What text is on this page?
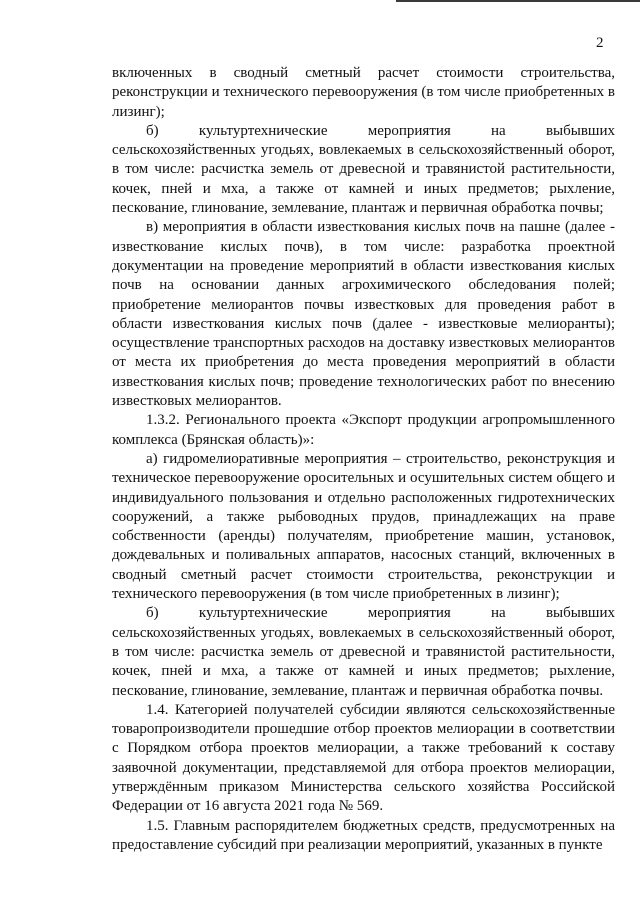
2

включенных в сводный сметный расчет стоимости строительства, реконструкции и технического перевооружения (в том числе приобретенных в лизинг);

б) культуртехнические мероприятия на выбывших сельскохозяйственных угодьях, вовлекаемых в сельскохозяйственный оборот, в том числе: расчистка земель от древесной и травянистой растительности, кочек, пней и мха, а также от камней и иных предметов; рыхление, пескование, глинование, землевание, плантаж и первичная обработка почвы;

в) мероприятия в области известкования кислых почв на пашне (далее - известкование кислых почв), в том числе: разработка проектной документации на проведение мероприятий в области известкования кислых почв на основании данных агрохимического обследования полей; приобретение мелиорантов почвы известковых для проведения работ в области известкования кислых почв (далее - известковые мелиоранты); осуществление транспортных расходов на доставку известковых мелиорантов от места их приобретения до места проведения мероприятий в области известкования кислых почв; проведение технологических работ по внесению известковых мелиорантов.

1.3.2. Регионального проекта «Экспорт продукции агропромышленного комплекса (Брянская область)»:

а) гидромелиоративные мероприятия – строительство, реконструкция и техническое перевооружение оросительных и осушительных систем общего и индивидуального пользования и отдельно расположенных гидротехнических сооружений, а также рыбоводных прудов, принадлежащих на праве собственности (аренды) получателям, приобретение машин, установок, дождевальных и поливальных аппаратов, насосных станций, включенных в сводный сметный расчет стоимости строительства, реконструкции и технического перевооружения (в том числе приобретенных в лизинг);

б) культуртехнические мероприятия на выбывших сельскохозяйственных угодьях, вовлекаемых в сельскохозяйственный оборот, в том числе: расчистка земель от древесной и травянистой растительности, кочек, пней и мха, а также от камней и иных предметов; рыхление, пескование, глинование, землевание, плантаж и первичная обработка почвы.

1.4. Категорией получателей субсидии являются сельскохозяйственные товаропроизводители прошедшие отбор проектов мелиорации в соответствии с Порядком отбора проектов мелиорации, а также требований к составу заявочной документации, представляемой для отбора проектов мелиорации, утверждённым приказом Министерства сельского хозяйства Российской Федерации от 16 августа 2021 года № 569.

1.5. Главным распорядителем бюджетных средств, предусмотренных на предоставление субсидий при реализации мероприятий, указанных в пункте
